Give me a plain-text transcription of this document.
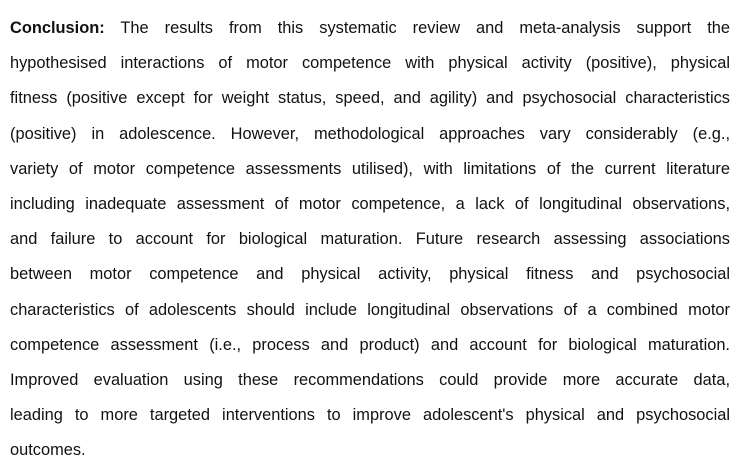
Conclusion: The results from this systematic review and meta-analysis support the
hypothesised interactions of motor competence with physical activity (positive), physical
fitness (positive except for weight status, speed, and agility) and psychosocial characteristics
(positive) in adolescence. However, methodological approaches vary considerably (e.g.,
variety of motor competence assessments utilised), with limitations of the current literature
including inadequate assessment of motor competence, a lack of longitudinal observations,
and failure to account for biological maturation. Future research assessing associations
between motor competence and physical activity, physical fitness and psychosocial
characteristics of adolescents should include longitudinal observations of a combined motor
competence assessment (i.e., process and product) and account for biological maturation.
Improved evaluation using these recommendations could provide more accurate data,
leading to more targeted interventions to improve adolescent's physical and psychosocial
outcomes.
